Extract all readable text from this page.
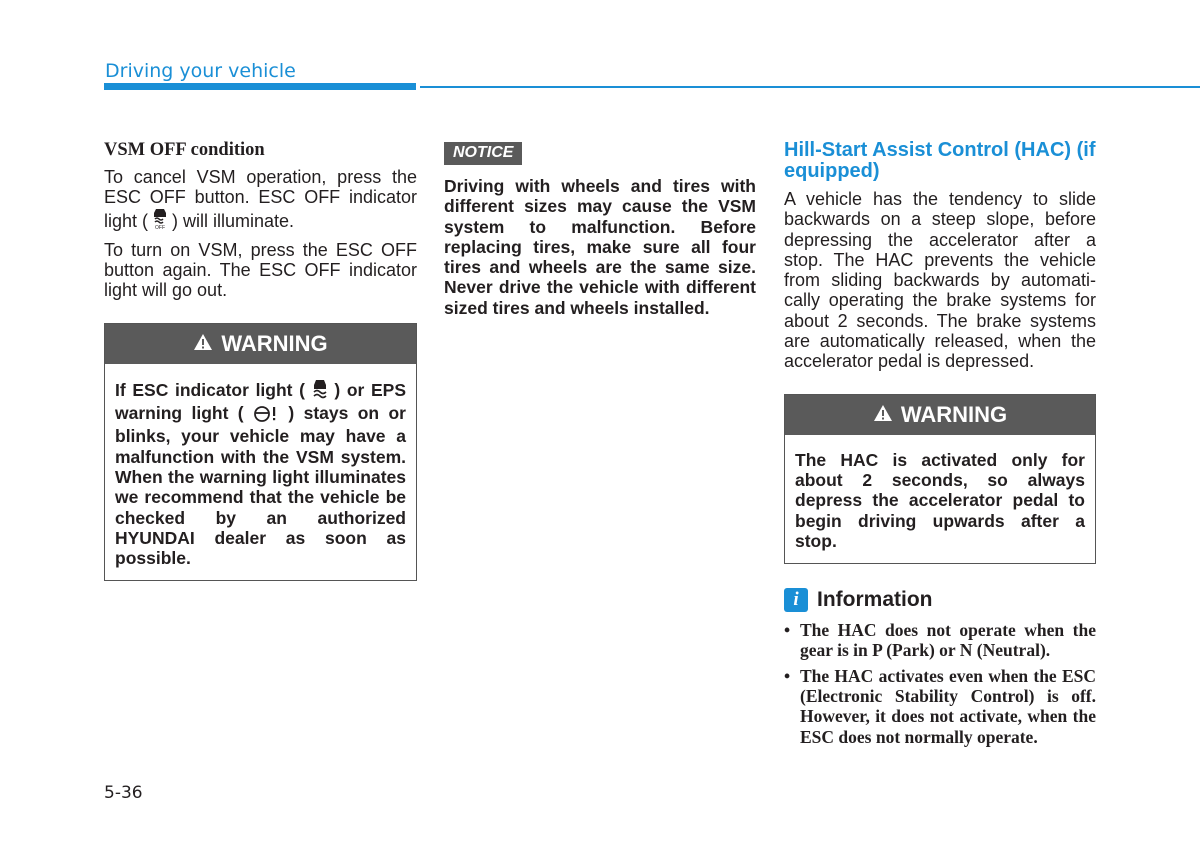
Driving your vehicle

VSM OFF condition

To cancel VSM operation, press the ESC OFF button. ESC OFF indicator light ( OFF ) will illuminate.

To turn on VSM, press the ESC OFF button again. The ESC OFF indicator light will go out.

WARNING
If ESC indicator light (  ) or EPS warning light (  ) stays on or blinks, your vehicle may have a malfunction with the VSM system. When the warning light illuminates we recommend that the vehicle be checked by an authorized HYUNDAI dealer as soon as possible.
NOTICE
Driving with wheels and tires with different sizes may cause the VSM system to malfunction. Before replacing tires, make sure all four tires and wheels are the same size. Never drive the vehicle with different sized tires and wheels installed.

Hill-Start Assist Control (HAC) (if equipped)

A vehicle has the tendency to slide backwards on a steep slope, before depressing the accelerator after a stop. The HAC prevents the vehicle from sliding backwards by automati-cally operating the brake systems for about 2 seconds. The brake systems are automatically released, when the accelerator pedal is depressed.

WARNING
The HAC is activated only for about 2 seconds, so always depress the accelerator pedal to begin driving upwards after a stop.
i Information
• The HAC does not operate when the gear is in P (Park) or N (Neutral).
• The HAC activates even when the ESC (Electronic Stability Control) is off. However, it does not activate, when the ESC does not normally operate.
5-36
